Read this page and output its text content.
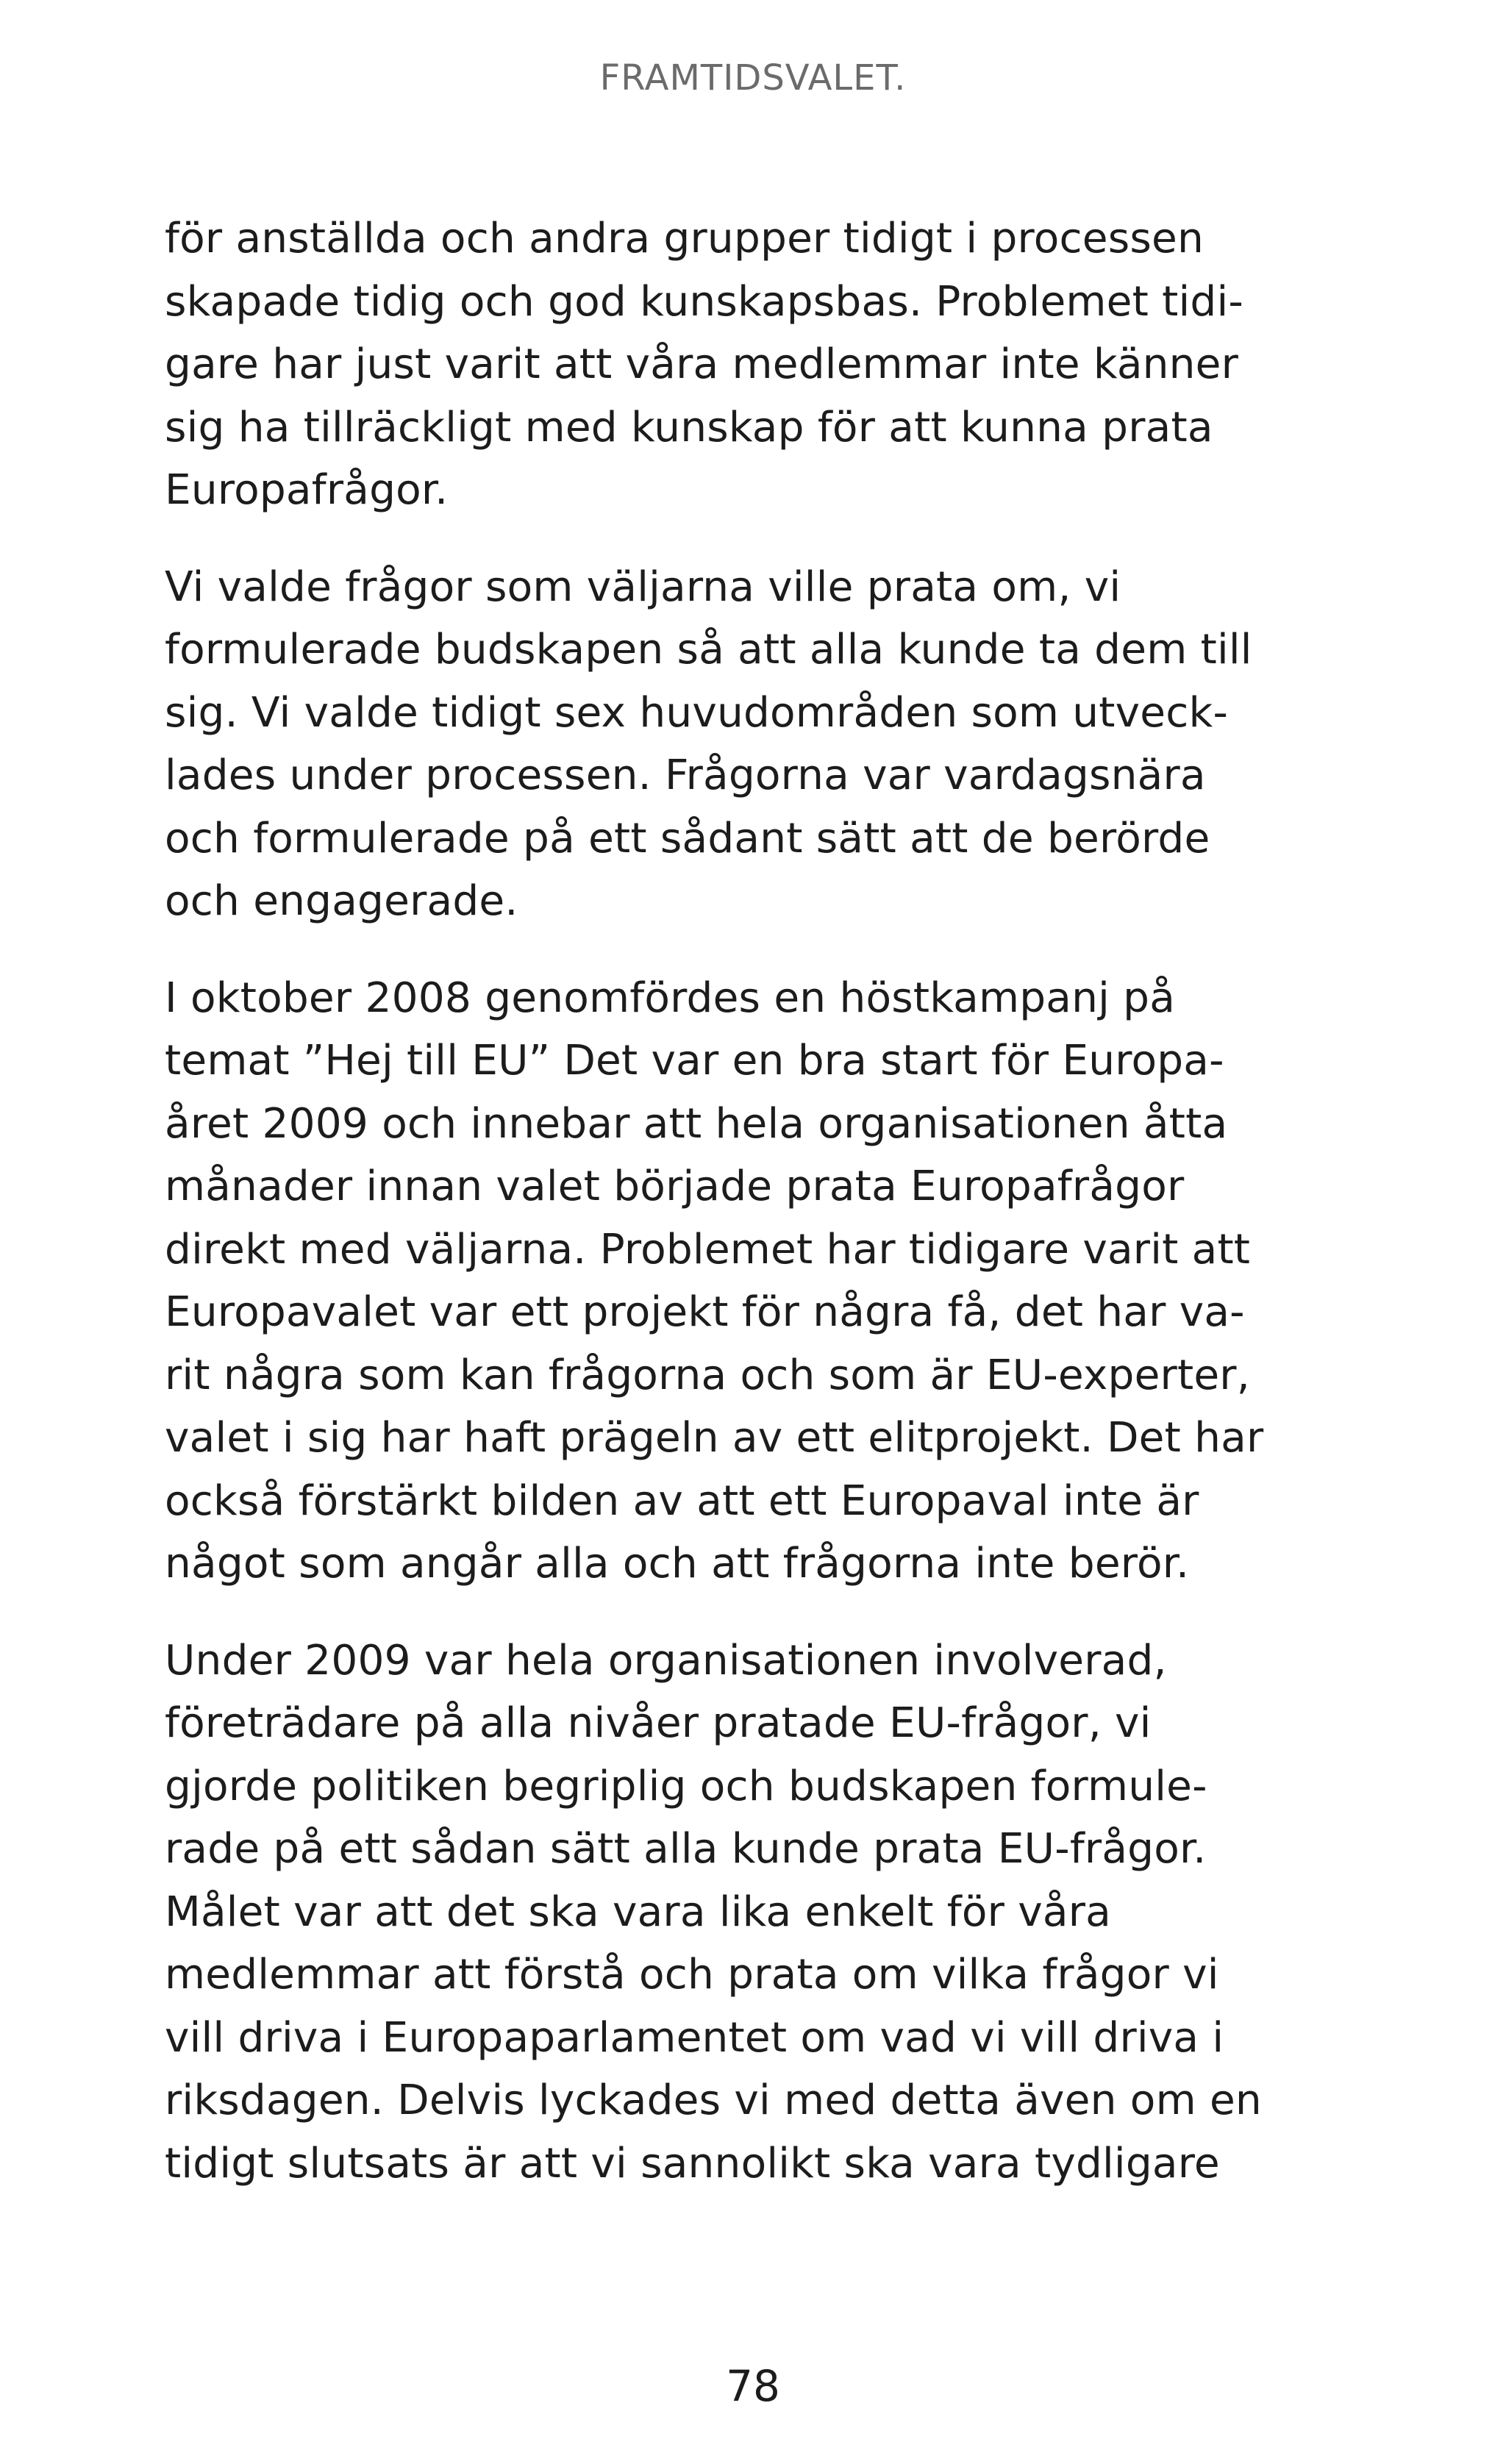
FRAMTIDSVALET.
för anställda och andra grupper tidigt i processen
skapade tidig och god kunskapsbas. Problemet tidi-
gare har just varit att våra medlemmar inte känner
sig ha tillräckligt med kunskap för att kunna prata
Europafrågor.
Vi valde frågor som väljarna ville prata om, vi
formulerade budskapen så att alla kunde ta dem till
sig. Vi valde tidigt sex huvudområden som utveck-
lades under processen. Frågorna var vardagsnära
och formulerade på ett sådant sätt att de berörde
och engagerade.
I oktober 2008 genomfördes en höstkampanj på
temat ”Hej till EU” Det var en bra start för Europa-
året 2009 och innebar att hela organisationen åtta
månader innan valet började prata Europafrågor
direkt med väljarna. Problemet har tidigare varit att
Europavalet var ett projekt för några få, det har va-
rit några som kan frågorna och som är EU-experter,
valet i sig har haft prägeln av ett elitprojekt. Det har
också förstärkt bilden av att ett Europaval inte är
något som angår alla och att frågorna inte berör.
Under 2009 var hela organisationen involverad,
företrädare på alla nivåer pratade EU-frågor, vi
gjorde politiken begriplig och budskapen formule-
rade på ett sådan sätt alla kunde prata EU-frågor.
Målet var att det ska vara lika enkelt för våra
medlemmar att förstå och prata om vilka frågor vi
vill driva i Europaparlamentet om vad vi vill driva i
riksdagen. Delvis lyckades vi med detta även om en
tidigt slutsats är att vi sannolikt ska vara tydligare
78
